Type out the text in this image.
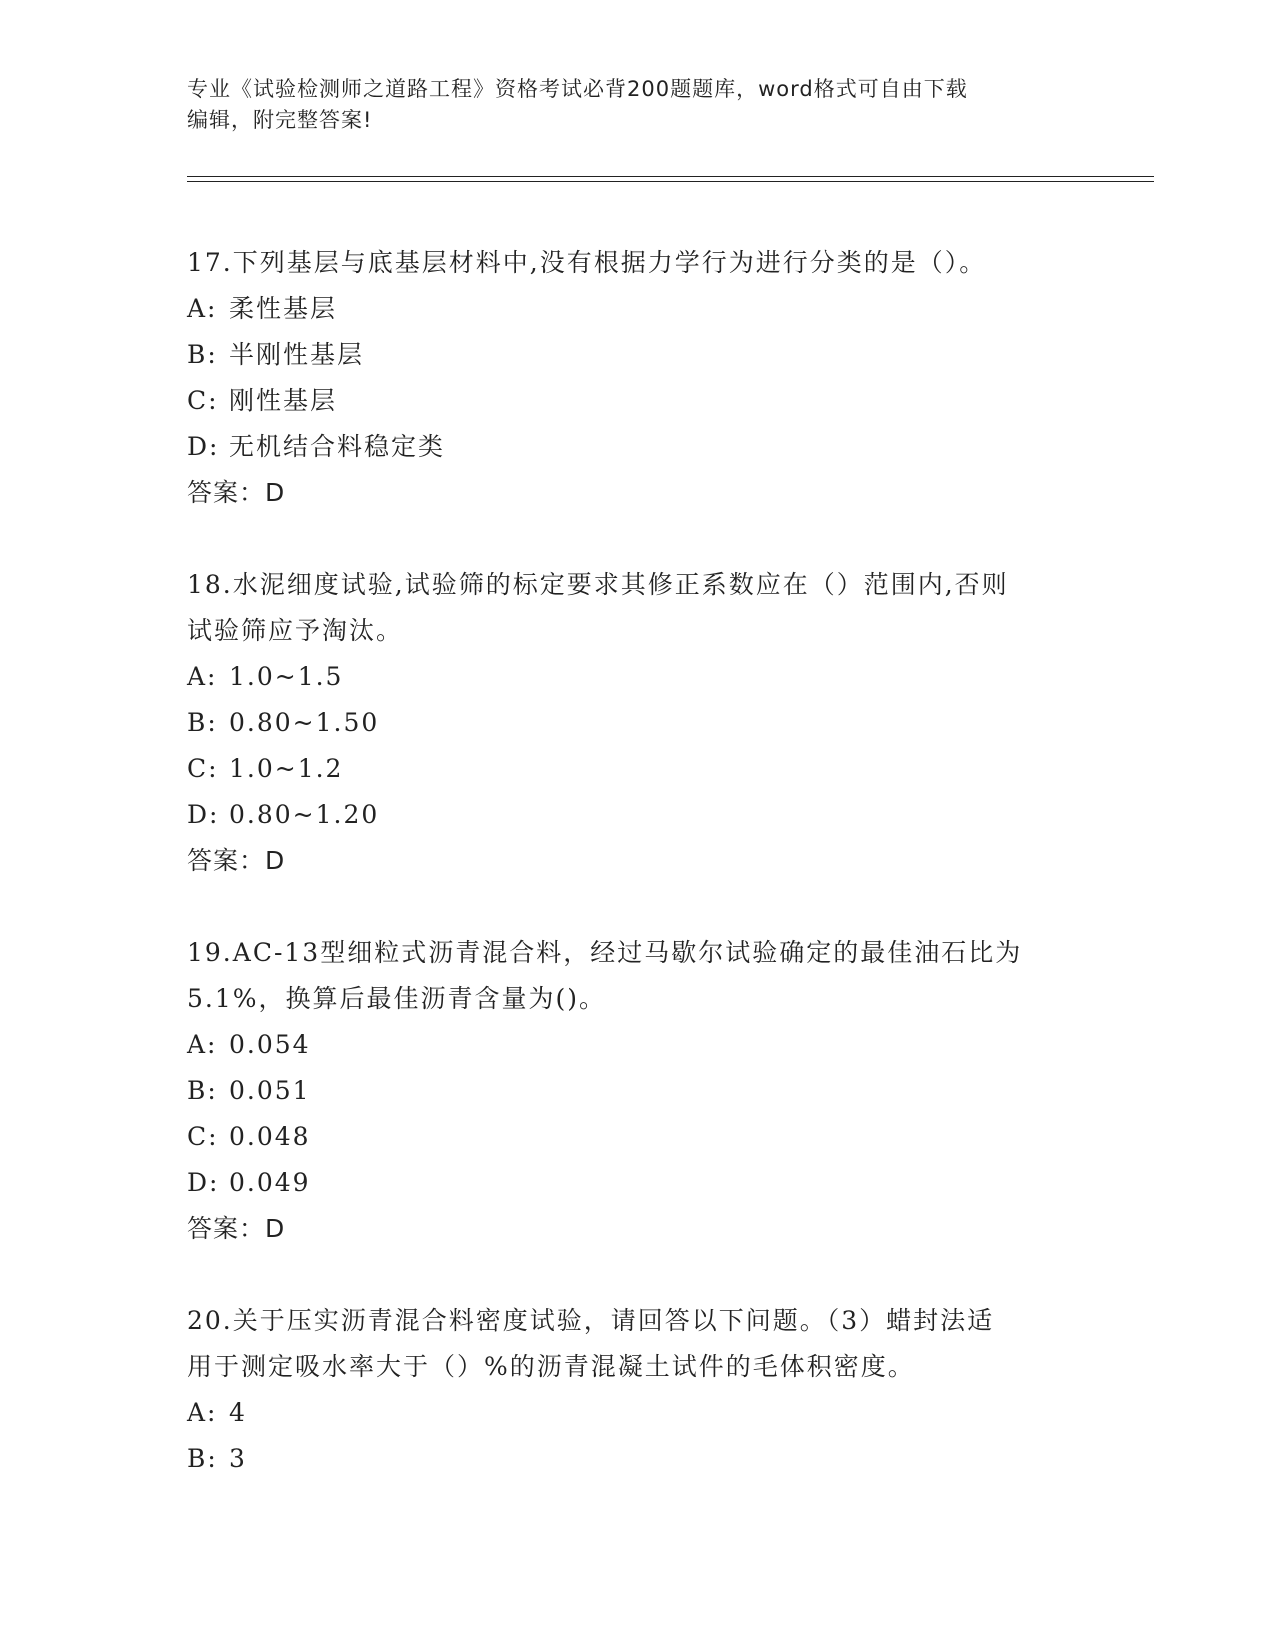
专业《试验检测师之道路工程》资格考试必背200题题库，word格式可自由下载
编辑，附完整答案!

17.下列基层与底基层材料中,没有根据力学行为进行分类的是（）。

A: 柔性基层

B: 半刚性基层

C: 刚性基层

D: 无机结合料稳定类

答案：D

18.水泥细度试验,试验筛的标定要求其修正系数应在（）范围内,否则

试验筛应予淘汰。

A: 1.0~1.5

B: 0.80~1.50

C: 1.0~1.2

D: 0.80~1.20

答案：D

19.AC-13型细粒式沥青混合料，经过马歇尔试验确定的最佳油石比为

5.1%，换算后最佳沥青含量为()。

A: 0.054

B: 0.051

C: 0.048

D: 0.049

答案：D

20.关于压实沥青混合料密度试验，请回答以下问题。（3）蜡封法适

用于测定吸水率大于（）%的沥青混凝土试件的毛体积密度。

A: 4

B: 3
